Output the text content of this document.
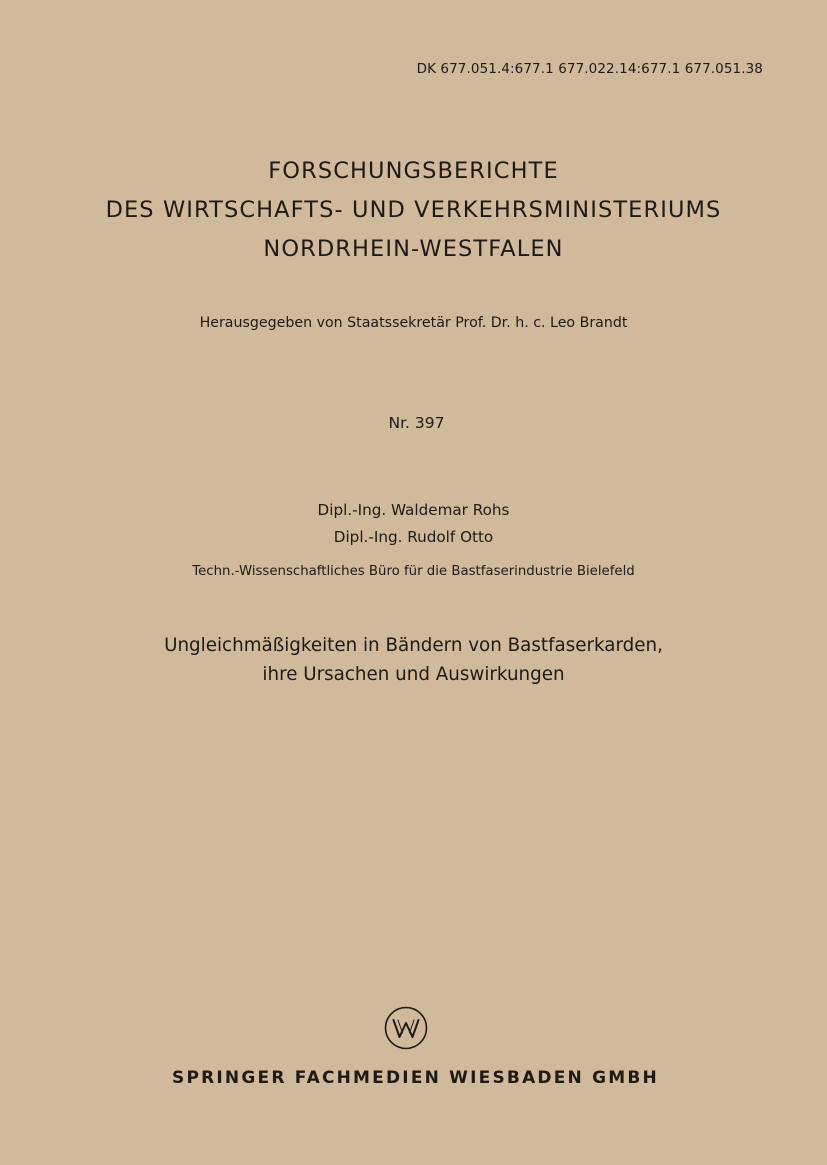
DK 677.051.4:677.1 677.022.14:677.1 677.051.38
FORSCHUNGSBERICHTE
DES WIRTSCHAFTS- UND VERKEHRSMINISTERIUMS
NORDRHEIN-WESTFALEN
Herausgegeben von Staatssekretär Prof. Dr. h. c. Leo Brandt
Nr. 397
Dipl.-Ing. Waldemar Rohs
Dipl.-Ing. Rudolf Otto
Techn.-Wissenschaftliches Büro für die Bastfaserindustrie Bielefeld
Ungleichmäßigkeiten in Bändern von Bastfaserkarden,
ihre Ursachen und Auswirkungen
SPRINGER FACHMEDIEN WIESBADEN GMBH
